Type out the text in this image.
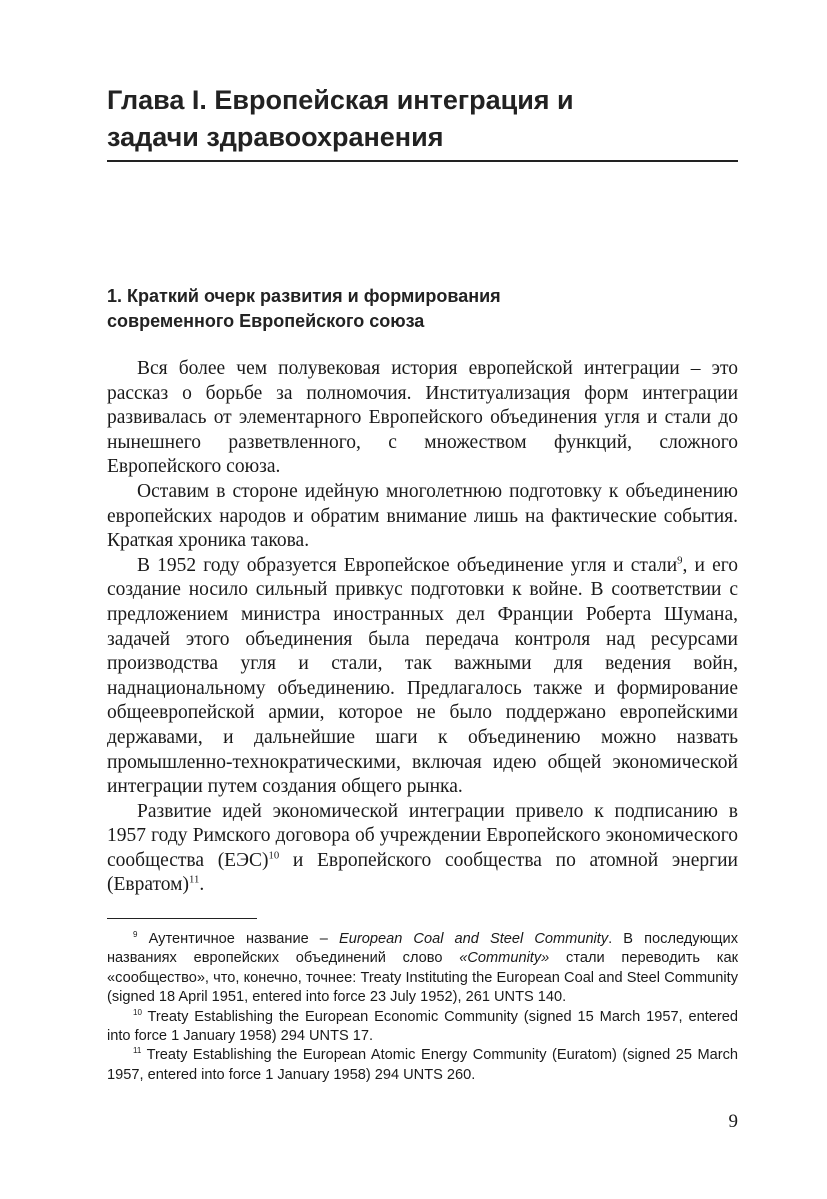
Глава I. Европейская интеграция и
задачи здравоохранения
1. Краткий очерк развития и формирования
современного Европейского союза

Вся более чем полувековая история европейской интеграции – это рассказ о борьбе за полномочия. Институализация форм интеграции развивалась от элементарного Европейского объединения угля и стали до нынешнего разветвленного, с множеством функций, сложного Европейского союза.

Оставим в стороне идейную многолетнюю подготовку к объединению европейских народов и обратим внимание лишь на фактические события. Краткая хроника такова.

В 1952 году образуется Европейское объединение угля и стали$^9$, и его создание носило сильный привкус подготовки к войне. В соответствии с предложением министра иностранных дел Франции Роберта Шумана, задачей этого объединения была передача контроля над ресурсами производства угля и стали, так важными для ведения войн, наднациональному объединению. Предлагалось также и формирование общеевропейской армии, которое не было поддержано европейскими державами, и дальнейшие шаги к объединению можно назвать промышленно-технократическими, включая идею общей экономической интеграции путем создания общего рынка.

Развитие идей экономической интеграции привело к подписанию в 1957 году Римского договора об учреждении Европейского экономического сообщества (ЕЭС)$^{10}$ и Европейского сообщества по атомной энергии (Евратом)$^{11}$.

$^9$ Аутентичное название – European Coal and Steel Community. В последующих названиях европейских объединений слово «Community» стали переводить как «сообщество», что, конечно, точнее: Treaty Instituting the European Coal and Steel Community (signed 18 April 1951, entered into force 23 July 1952), 261 UNTS 140.

$^{10}$ Treaty Establishing the European Economic Community (signed 15 March 1957, entered into force 1 January 1958) 294 UNTS 17.

$^{11}$ Treaty Establishing the European Atomic Energy Community (Euratom) (signed 25 March 1957, entered into force 1 January 1958) 294 UNTS 260.

9
